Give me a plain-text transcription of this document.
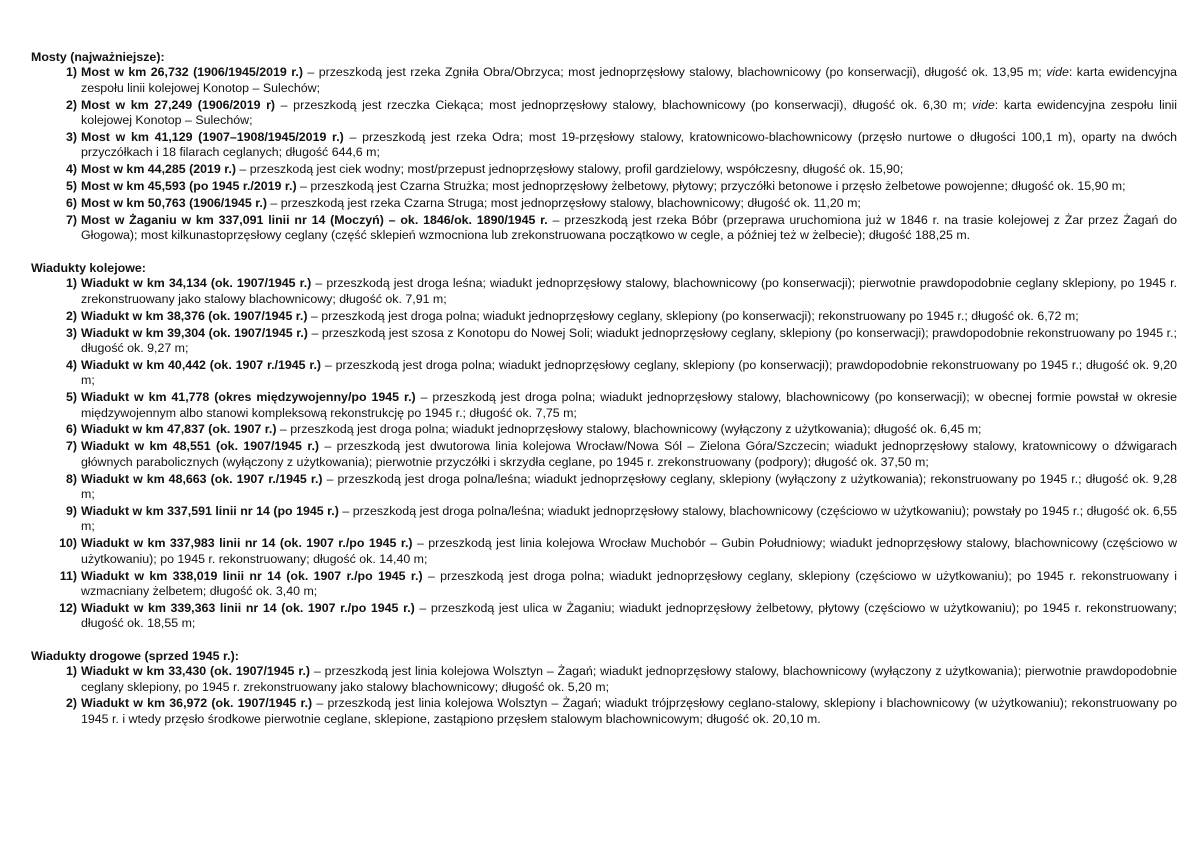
Mosty (najważniejsze):
1) Most w km 26,732 (1906/1945/2019 r.) – przeszkodą jest rzeka Zgniła Obra/Obrzyca; most jednoprzęsłowy stalowy, blachownicowy (po konserwacji), długość ok. 13,95 m; vide: karta ewidencyjna zespołu linii kolejowej Konotop – Sulechów;
2) Most w km 27,249 (1906/2019 r) – przeszkodą jest rzeczka Ciekąca; most jednoprzęsłowy stalowy, blachownicowy (po konserwacji), długość ok. 6,30 m; vide: karta ewidencyjna zespołu linii kolejowej Konotop – Sulechów;
3) Most w km 41,129 (1907–1908/1945/2019 r.) – przeszkodą jest rzeka Odra; most 19-przęsłowy stalowy, kratownicowo-blachownicowy (przęsło nurtowe o długości 100,1 m), oparty na dwóch przyczółkach i 18 filarach ceglanych; długość 644,6 m;
4) Most w km 44,285 (2019 r.) – przeszkodą jest ciek wodny; most/przepust jednoprzęsłowy stalowy, profil gardzielowy, współczesny, długość ok. 15,90;
5) Most w km 45,593 (po 1945 r./2019 r.) – przeszkodą jest Czarna Strużka; most jednoprzęsłowy żelbetowy, płytowy; przyczółki betonowe i przęsło żelbetowe powojenne; długość ok. 15,90 m;
6) Most w km 50,763 (1906/1945 r.) – przeszkodą jest rzeka Czarna Struga; most jednoprzęsłowy stalowy, blachownicowy; długość ok. 11,20 m;
7) Most w Żaganiu w km 337,091 linii nr 14 (Moczyń) – ok. 1846/ok. 1890/1945 r. – przeszkodą jest rzeka Bóbr (przeprawa uruchomiona już w 1846 r. na trasie kolejowej z Żar przez Żagań do Głogowa); most kilkunastoprzęsłowy ceglany (część sklepień wzmocniona lub zrekonstruowana początkowo w cegle, a później też w żelbecie); długość 188,25 m.
Wiadukty kolejowe:
1) Wiadukt w km 34,134 (ok. 1907/1945 r.) – przeszkodą jest droga leśna; wiadukt jednoprzęsłowy stalowy, blachownicowy (po konserwacji); pierwotnie prawdopodobnie ceglany sklepiony, po 1945 r. zrekonstruowany jako stalowy blachownicowy; długość ok. 7,91 m;
2) Wiadukt w km 38,376 (ok. 1907/1945 r.) – przeszkodą jest droga polna; wiadukt jednoprzęsłowy ceglany, sklepiony (po konserwacji); rekonstruowany po 1945 r.; długość ok. 6,72 m;
3) Wiadukt w km 39,304 (ok. 1907/1945 r.) – przeszkodą jest szosa z Konotopu do Nowej Soli; wiadukt jednoprzęsłowy ceglany, sklepiony (po konserwacji); prawdopodobnie rekonstruowany po 1945 r.; długość ok. 9,27 m;
4) Wiadukt w km 40,442 (ok. 1907 r./1945 r.) – przeszkodą jest droga polna; wiadukt jednoprzęsłowy ceglany, sklepiony (po konserwacji); prawdopodobnie rekonstruowany po 1945 r.; długość ok. 9,20 m;
5) Wiadukt w km 41,778 (okres międzywojenny/po 1945 r.) – przeszkodą jest droga polna; wiadukt jednoprzęsłowy stalowy, blachownicowy (po konserwacji); w obecnej formie powstał w okresie międzywojennym albo stanowi kompleksową rekonstrukcję po 1945 r.; długość ok. 7,75 m;
6) Wiadukt w km 47,837 (ok. 1907 r.) – przeszkodą jest droga polna; wiadukt jednoprzęsłowy stalowy, blachownicowy (wyłączony z użytkowania); długość ok. 6,45 m;
7) Wiadukt w km 48,551 (ok. 1907/1945 r.) – przeszkodą jest dwutorowa linia kolejowa Wrocław/Nowa Sól – Zielona Góra/Szczecin; wiadukt jednoprzęsłowy stalowy, kratownicowy o dźwigarach głównych parabolicznych (wyłączony z użytkowania); pierwotnie przyczółki i skrzydła ceglane, po 1945 r. zrekonstruowany (podpory); długość ok. 37,50 m;
8) Wiadukt w km 48,663 (ok. 1907 r./1945 r.) – przeszkodą jest droga polna/leśna; wiadukt jednoprzęsłowy ceglany, sklepiony (wyłączony z użytkowania); rekonstruowany po 1945 r.; długość ok. 9,28 m;
9) Wiadukt w km 337,591 linii nr 14 (po 1945 r.) – przeszkodą jest droga polna/leśna; wiadukt jednoprzęsłowy stalowy, blachownicowy (częściowo w użytkowaniu); powstały po 1945 r.; długość ok. 6,55 m;
10) Wiadukt w km 337,983 linii nr 14 (ok. 1907 r./po 1945 r.) – przeszkodą jest linia kolejowa Wrocław Muchobór – Gubin Południowy; wiadukt jednoprzęsłowy stalowy, blachownicowy (częściowo w użytkowaniu); po 1945 r. rekonstruowany; długość ok. 14,40 m;
11) Wiadukt w km 338,019 linii nr 14 (ok. 1907 r./po 1945 r.) – przeszkodą jest droga polna; wiadukt jednoprzęsłowy ceglany, sklepiony (częściowo w użytkowaniu); po 1945 r. rekonstruowany i wzmacniany żelbetem; długość ok. 3,40 m;
12) Wiadukt w km 339,363 linii nr 14 (ok. 1907 r./po 1945 r.) – przeszkodą jest ulica w Żaganiu; wiadukt jednoprzęsłowy żelbetowy, płytowy (częściowo w użytkowaniu); po 1945 r. rekonstruowany; długość ok. 18,55 m;
Wiadukty drogowe (sprzed 1945 r.):
1) Wiadukt w km 33,430 (ok. 1907/1945 r.) – przeszkodą jest linia kolejowa Wolsztyn – Żagań; wiadukt jednoprzęsłowy stalowy, blachownicowy (wyłączony z użytkowania); pierwotnie prawdopodobnie ceglany sklepiony, po 1945 r. zrekonstruowany jako stalowy blachownicowy; długość ok. 5,20 m;
2) Wiadukt w km 36,972 (ok. 1907/1945 r.) – przeszkodą jest linia kolejowa Wolsztyn – Żagań; wiadukt trójprzęsłowy ceglano-stalowy, sklepiony i blachownicowy (w użytkowaniu); rekonstruowany po 1945 r. i wtedy przęsło środkowe pierwotnie ceglane, sklepione, zastąpiono przęsłem stalowym blachownicowym; długość ok. 20,10 m.
